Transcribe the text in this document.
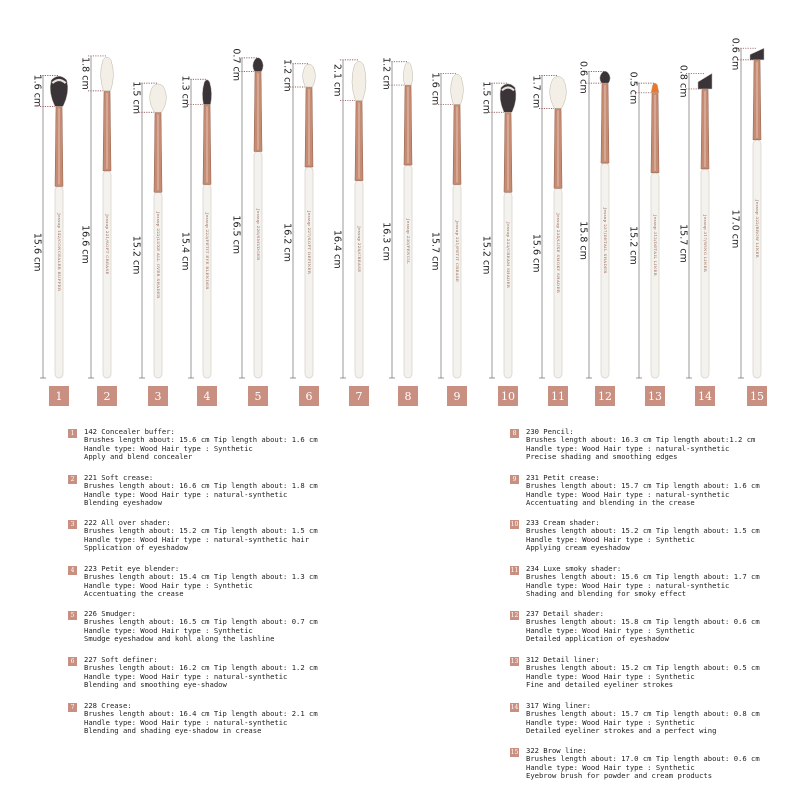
Jessup 142/CONCEALER BUFFER
1.6 cm
15.6 cm
1
Jessup 221/SOFT CREASE
1.8 cm
16.6 cm
2
Jessup 222/LUXE ALL OVER SHADER
1.5 cm
15.2 cm
3
Jessup 223/PETIT EYE BLENDER
1.3 cm
15.4 cm
4
Jessup 226/SMUDGER
0.7 cm
16.5 cm
5
Jessup 227/SOFT DEFINER
1.2 cm
16.2 cm
6
Jessup 228/CREASE
2.1 cm
16.4 cm
7
Jessup 230/PENCIL
1.2 cm
16.3 cm
8
Jessup 231/PETIT CREASE
1.6 cm
15.7 cm
9
Jessup 233/CREAM SHADER
1.5 cm
15.2 cm
10
Jessup 234/LUXE SMOKY SHADER
1.7 cm
15.6 cm
11
Jessup 237/DETAIL SHADER
0.6 cm
15.8 cm
12
Jessup 312/DETAIL LINER
0.5 cm
15.2 cm
13
Jessup 317/WING LINER
0.8 cm
15.7 cm
14
Jessup 322/BROW LINER
0.6 cm
17.0 cm
15
1	142 Concealer buffer:
Brushes length about: 15.6 cm Tip length about: 1.6 cm
Handle type: Wood Hair type : Synthetic
Apply and blend concealer
2	221 Soft crease:
Brushes length about: 16.6 cm Tip length about: 1.8 cm
Handle type: Wood Hair type : natural-synthetic
Blending eyeshadow
3	222 All over shader:
Brushes length about: 15.2 cm Tip length about: 1.5 cm
Handle type: Wood Hair type : natural-synthetic hair
Spplication of eyeshadow
4	223 Petit eye blender:
Brushes length about: 15.4 cm Tip length about: 1.3 cm
Handle type: Wood Hair type : Synthetic
Accentuating the crease
5	226 Smudger:
Brushes length about: 16.5 cm Tip length about: 0.7 cm
Handle type: Wood Hair type : Synthetic
Smudge eyeshadow and kohl along the lashline
6	227 Soft definer:
Brushes length about: 16.2 cm Tip length about: 1.2 cm
Handle type: Wood Hair type : natural-synthetic
Blending and smoothing eye-shadow
7	228 Crease:
Brushes length about: 16.4 cm Tip length about: 2.1 cm
Handle type: Wood Hair type : natural-synthetic
Blending and shading eye-shadow in crease
8	230 Pencil:
Brushes length about: 16.3 cm Tip length about:1.2 cm
Handle type: Wood Hair type : natural-synthetic
Precise shading and smoothing edges
9	231 Petit crease:
Brushes length about: 15.7 cm Tip length about: 1.6 cm
Handle type: Wood Hair type : natural-synthetic
Accentuating and blending in the crease
10 233 Cream shader:
Brushes length about: 15.2 cm Tip length about: 1.5 cm
Handle type: Wood Hair type : Synthetic
Applying cream eyeshadow
11 234 Luxe smoky shader:
Brushes length about: 15.6 cm Tip length about: 1.7 cm
Handle type: Wood Hair type : natural-synthetic
Shading and blending for smoky effect
12 237 Detail shader:
Brushes length about: 15.8 cm Tip length about: 0.6 cm
Handle type: Wood Hair type : Synthetic
Detailed application of eyeshadow
13 312 Detail liner:
Brushes length about: 15.2 cm Tip length about: 0.5 cm
Handle type: Wood Hair type : Synthetic
Fine and detailed eyeliner strokes
14 317 Wing liner:
Brushes length about: 15.7 cm Tip length about: 0.8 cm
Handle type: Wood Hair type : Synthetic
Detailed eyeliner strokes and a perfect wing
15 322 Brow line:
Brushes length about: 17.0 cm Tip length about: 0.6 cm
Handle type: Wood Hair type : Synthetic
Eyebrow brush for powder and cream products
